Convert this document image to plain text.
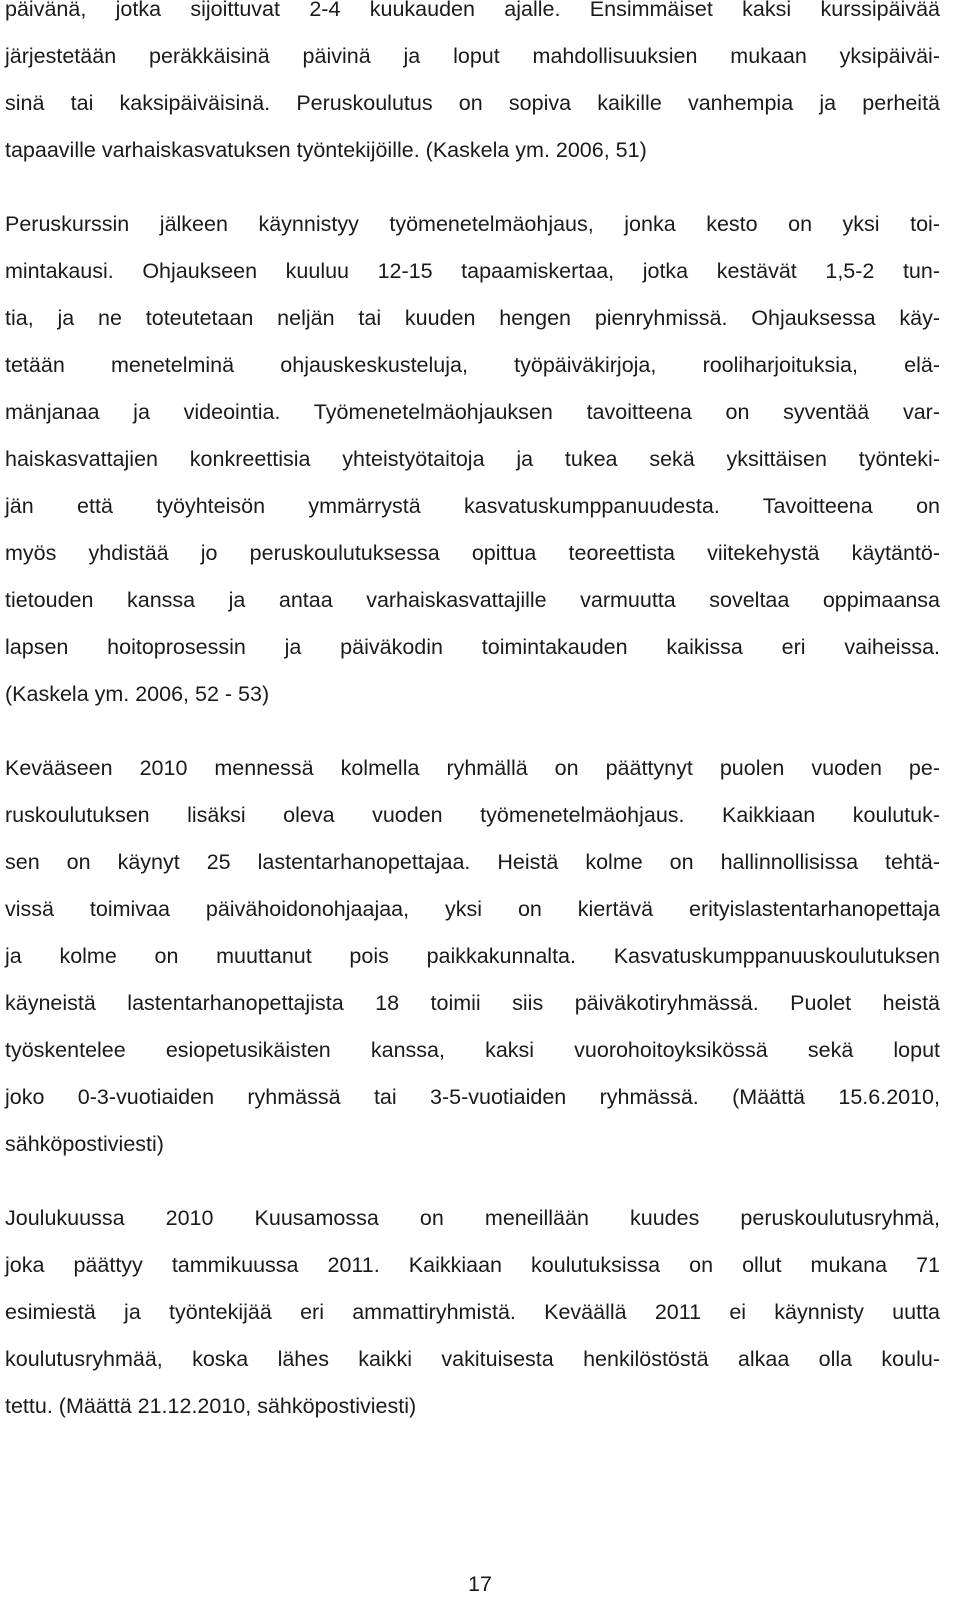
päivänä, jotka sijoittuvat 2-4 kuukauden ajalle. Ensimmäiset kaksi kurssipäivää
järjestetään peräkkäisinä päivinä ja loput mahdollisuuksien mukaan yksipäiväi-
sinä tai kaksipäiväisinä. Peruskoulutus on sopiva kaikille vanhempia ja perheitä
tapaaville varhaiskasvatuksen työntekijöille. (Kaskela ym. 2006, 51)
Peruskurssin jälkeen käynnistyy työmenetelmäohjaus, jonka kesto on yksi toi-
mintakausi. Ohjaukseen kuuluu 12-15 tapaamiskertaa, jotka kestävät 1,5-2 tun-
tia, ja ne toteutetaan neljän tai kuuden hengen pienryhmissä. Ohjauksessa käy-
tetään menetelminä ohjauskeskusteluja, työpäiväkirjoja, rooliharjoituksia, elä-
mänjanaa ja videointia. Työmenetelmäohjauksen tavoitteena on syventää var-
haiskasvattajien konkreettisia yhteistyötaitoja ja tukea sekä yksittäisen työnteki-
jän että työyhteisön ymmärrystä kasvatuskumppanuudesta. Tavoitteena on
myös yhdistää jo peruskoulutuksessa opittua teoreettista viitekehystä käytäntö-
tietouden kanssa ja antaa varhaiskasvattajille varmuutta soveltaa oppimaansa
lapsen hoitoprosessin ja päiväkodin toimintakauden kaikissa eri vaiheissa.
(Kaskela ym. 2006, 52 - 53)
Kevääseen 2010 mennessä kolmella ryhmällä on päättynyt puolen vuoden pe-
ruskoulutuksen lisäksi oleva vuoden työmenetelmäohjaus. Kaikkiaan koulutuk-
sen on käynyt 25 lastentarhanopettajaa. Heistä kolme on hallinnollisissa tehtä-
vissä toimivaa päivähoidonohjaajaa, yksi on kiertävä erityislastentarhanopettaja
ja kolme on muuttanut pois paikkakunnalta. Kasvatuskumppanuuskoulutuksen
käyneistä lastentarhanopettajista 18 toimii siis päiväkotiryhmässä. Puolet heistä
työskentelee esiopetusikäisten kanssa, kaksi vuorohoitoyksikössä sekä loput
joko 0-3-vuotiaiden ryhmässä tai 3-5-vuotiaiden ryhmässä. (Määttä 15.6.2010,
sähköpostiviesti)
Joulukuussa 2010 Kuusamossa on meneillään kuudes peruskoulutusryhmä,
joka päättyy tammikuussa 2011. Kaikkiaan koulutuksissa on ollut mukana 71
esimiestä ja työntekijää eri ammattiryhmistä. Keväällä 2011 ei käynnisty uutta
koulutusryhmää, koska lähes kaikki vakituisesta henkilöstöstä alkaa olla koulu-
tettu. (Määttä 21.12.2010, sähköpostiviesti)
17
